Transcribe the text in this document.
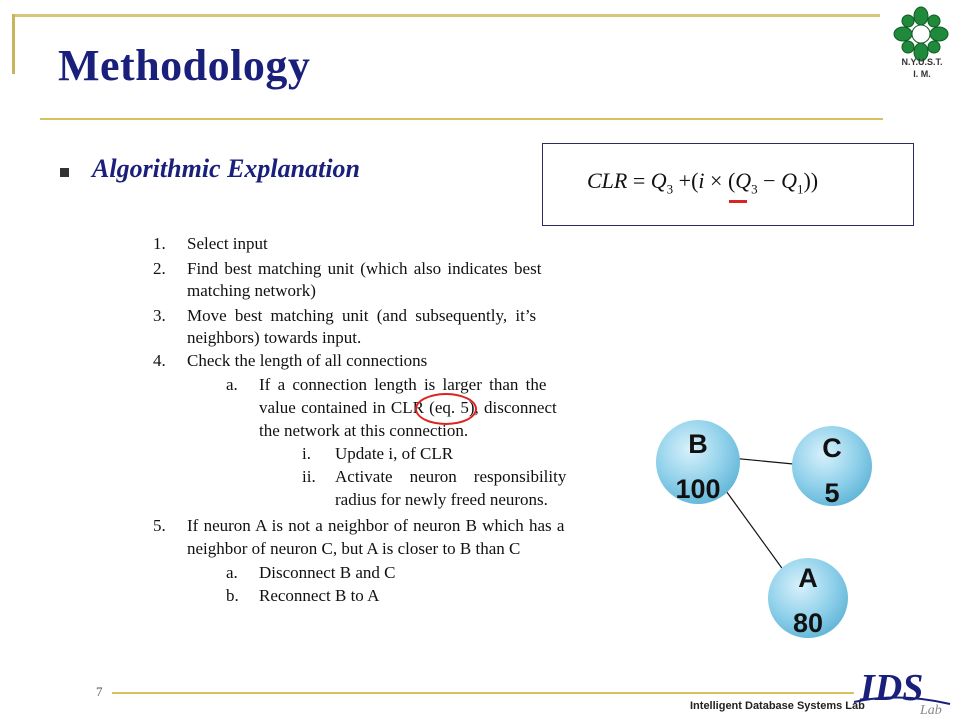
Methodology	N.Y.U.S.T.
I. M.
Algorithmic Explanation	CLR = $Q_3 +(i \times (Q_3 - Q_1))$
1. Select input
2. Find best matching unit (which also indicates best
matching network)
3. Move best matching unit (and subsequently, it’s
neighbors) towards input.
4. Check the length of all connections
a. If a connection length is larger than the
value contained in CLR (eq. 5), disconnect
the network at this connection.
i. Update i, of CLR
ii. Activate    neuron    responsibility
radius for newly freed neurons.
5. If neuron A is not a neighbor of neuron B which has a
neighbor of neuron C, but A is closer to B than C
a. Disconnect B and C
b. Reconnect B to A
B
100
C
5
A
80
7
Intelligent Database Systems Lab
IDS
Lab
